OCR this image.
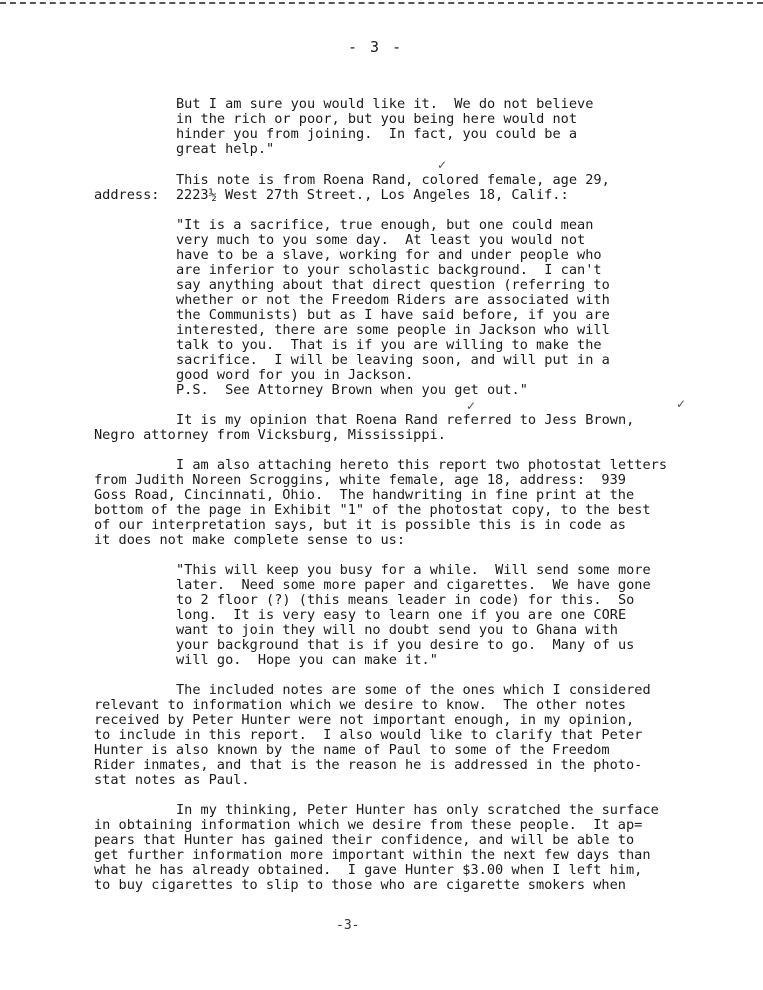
- 3 -
But I am sure you would like it.  We do not believe
in the rich or poor, but you being here would not
hinder you from joining.  In fact, you could be a
great help."
This note is from Roena Rand, colored female, age 29,
address:  2223½ West 27th Street., Los Angeles 18, Calif.:
✓
"It is a sacrifice, true enough, but one could mean
very much to you some day.  At least you would not
have to be a slave, working for and under people who
are inferior to your scholastic background.  I can't
say anything about that direct question (referring to
whether or not the Freedom Riders are associated with
the Communists) but as I have said before, if you are
interested, there are some people in Jackson who will
talk to you.  That is if you are willing to make the
sacrifice.  I will be leaving soon, and will put in a
good word for you in Jackson.
P.S.  See Attorney Brown when you get out."
It is my opinion that Roena Rand referred to Jess Brown,
Negro attorney from Vicksburg, Mississippi.
✓	✓
I am also attaching hereto this report two photostat letters
from Judith Noreen Scroggins, white female, age 18, address:  939
Goss Road, Cincinnati, Ohio.  The handwriting in fine print at the
bottom of the page in Exhibit "1" of the photostat copy, to the best
of our interpretation says, but it is possible this is in code as
it does not make complete sense to us:
"This will keep you busy for a while.  Will send some more
later.  Need some more paper and cigarettes.  We have gone
to 2 floor (?) (this means leader in code) for this.  So
long.  It is very easy to learn one if you are one CORE
want to join they will no doubt send you to Ghana with
your background that is if you desire to go.  Many of us
will go.  Hope you can make it."
The included notes are some of the ones which I considered
relevant to information which we desire to know.  The other notes
received by Peter Hunter were not important enough, in my opinion,
to include in this report.  I also would like to clarify that Peter
Hunter is also known by the name of Paul to some of the Freedom
Rider inmates, and that is the reason he is addressed in the photo-
stat notes as Paul.
In my thinking, Peter Hunter has only scratched the surface
in obtaining information which we desire from these people.  It ap=
pears that Hunter has gained their confidence, and will be able to
get further information more important within the next few days than
what he has already obtained.  I gave Hunter $3.00 when I left him,
to buy cigarettes to slip to those who are cigarette smokers when
-3-
